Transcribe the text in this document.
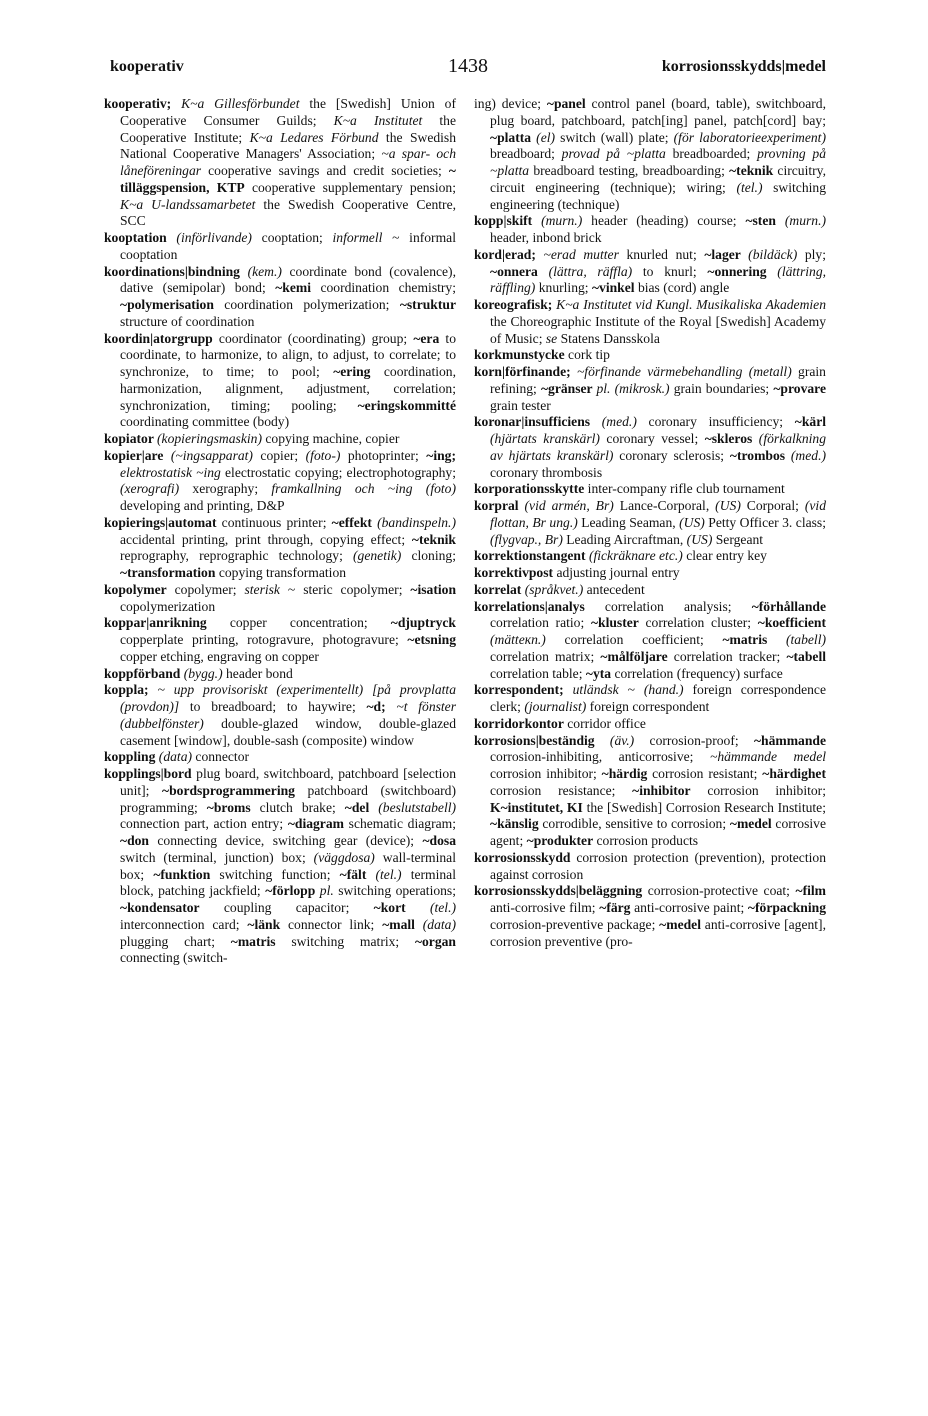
kooperativ	1438	korrosionsskydds|medel

kooperativ; K~a Gillesförbundet the [Swedish] Union of Cooperative Consumer Guilds; K~a Institutet the Cooperative Institute; K~a Ledares Förbund the Swedish National Cooperative Managers' Association; ~a spar- och låneföreningar cooperative savings and credit societies; ~ tilläggspension, KTP cooperative supplementary pension; K~a U-landssamarbetet the Swedish Cooperative Centre, SCC

kooptation (införlivande) cooptation; informell ~ informal cooptation

koordinations|bindning (kem.) coordinate bond (covalence), dative (semipolar) bond; ~kemi coordination chemistry; ~polymerisation coordination polymerization; ~struktur structure of coordination

koordin|atorgrupp coordinator (coordinating) group; ~era to coordinate, to harmonize, to align, to adjust, to correlate; to synchronize, to time; to pool; ~ering coordination, harmonization, alignment, adjustment, correlation; synchronization, timing; pooling; ~eringskommitté coordinating committee (body)

kopiator (kopieringsmaskin) copying machine, copier

kopier|are (~ingsapparat) copier; (foto-) photoprinter; ~ing; elektrostatisk ~ing electrostatic copying; electrophotography; (xerografi) xerography; framkallning och ~ing (foto) developing and printing, D&P

kopierings|automat continuous printer; ~effekt (bandinspeln.) accidental printing, print through, copying effect; ~teknik reprography, reprographic technology; (genetik) cloning; ~transformation copying transformation

kopolymer copolymer; sterisk ~ steric copolymer; ~isation copolymerization

koppar|anrikning copper concentration; ~djuptryck copperplate printing, rotogravure, photogravure; ~etsning copper etching, engraving on copper

koppförband (bygg.) header bond

koppla; ~ upp provisoriskt (experimentellt) [på provplatta (provdon)] to breadboard; to haywire; ~d; ~t fönster (dubbelfönster) double-glazed window, double-glazed casement [window], double-sash (composite) window

koppling (data) connector

kopplings|bord plug board, switchboard, patchboard [selection unit]; ~bordsprogrammering patchboard (switchboard) programming; ~broms clutch brake; ~del (beslutstabell) connection part, action entry; ~diagram schematic diagram; ~don connecting device, switching gear (device); ~dosa switch (terminal, junction) box; (väggdosa) wall-terminal box; ~funktion switching function; ~fält (tel.) terminal block, patching jackfield; ~förlopp pl. switching operations; ~kondensator coupling capacitor; ~kort (tel.) interconnection card; ~länk connector link; ~mall (data) plugging chart; ~matris switching matrix; ~organ connecting (switch-

ing) device; ~panel control panel (board, table), switchboard, plug board, patchboard, patch[ing] panel, patch[cord] bay; ~platta (el) switch (wall) plate; (för laboratorieexperiment) breadboard; provad på ~platta breadboarded; provning på ~platta breadboard testing, breadboarding; ~teknik circuitry, circuit engineering (technique); wiring; (tel.) switching engineering (technique)

kopp|skift (murn.) header (heading) course; ~sten (murn.) header, inbond brick

kord|erad; ~erad mutter knurled nut; ~lager (bildäck) ply; ~onnera (lättra, räffla) to knurl; ~onnering (lättring, räffling) knurling; ~vinkel bias (cord) angle

koreografisk; K~a Institutet vid Kungl. Musikaliska Akademien the Choreographic Institute of the Royal [Swedish] Academy of Music; se Statens Dansskola

korkmunstycke cork tip

korn|förfinande; ~förfinande värmebehandling (metall) grain refining; ~gränser pl. (mikrosk.) grain boundaries; ~provare grain tester

koronar|insufficiens (med.) coronary insufficiency; ~kärl (hjärtats kranskärl) coronary vessel; ~skleros (förkalkning av hjärtats kranskärl) coronary sclerosis; ~trombos (med.) coronary thrombosis

korporationsskytte inter-company rifle club tournament

korpral (vid armén, Br) Lance-Corporal, (US) Corporal; (vid flottan, Br ung.) Leading Seaman, (US) Petty Officer 3. class; (flygvap., Br) Leading Aircraftman, (US) Sergeant

korrektionstangent (fickräknare etc.) clear entry key

korrektivpost adjusting journal entry

korrelat (språkvet.) antecedent

korrelations|analys correlation analysis; ~förhållande correlation ratio; ~kluster correlation cluster; ~koefficient (mätteкn.) correlation coefficient; ~matris (tabell) correlation matrix; ~målföljare correlation tracker; ~tabell correlation table; ~yta correlation (frequency) surface

korrespondent; utländsk ~ (hand.) foreign correspondence clerk; (journalist) foreign correspondent

korridorkontor corridor office

korrosions|beständig (äv.) corrosion-proof; ~hämmande corrosion-inhibiting, anticorrosive; ~hämmande medel corrosion inhibitor; ~härdig corrosion resistant; ~härdighet corrosion resistance; ~inhibitor corrosion inhibitor; K~institutet, KI the [Swedish] Corrosion Research Institute; ~känslig corrodible, sensitive to corrosion; ~medel corrosive agent; ~produkter corrosion products

korrosionsskydd corrosion protection (prevention), protection against corrosion

korrosionsskydds|beläggning corrosion-protective coat; ~film anti-corrosive film; ~färg anti-corrosive paint; ~förpackning corrosion-preventive package; ~medel anti-corrosive [agent], corrosion preventive (pro-
